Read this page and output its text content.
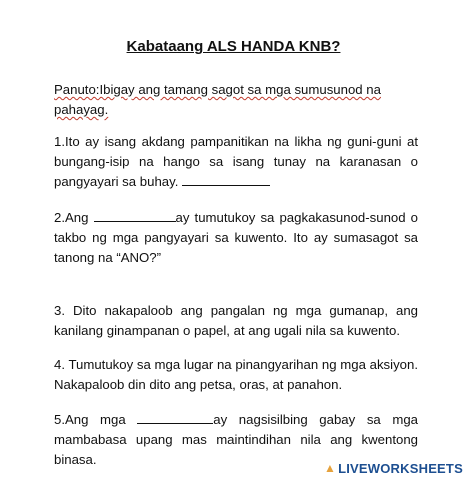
Kabataang ALS HANDA KNB?

Panuto:Ibigay ang tamang sagot sa mga sumusunod na pahayag.

1.Ito ay isang akdang pampanitikan na likha ng guni-guni at bungang-isip na hango sa isang tunay na karanasan o pangyayari sa buhay.

2.Ang	ay tumutukoy sa pagkakasunod-sunod o takbo ng mga pangyayari sa kuwento. Ito ay sumasagot sa tanong na “ANO?”

3. Dito nakapaloob ang pangalan ng mga gumanap, ang kanilang ginampanan o papel, at ang ugali nila sa kuwento.

4. Tumutukoy sa mga lugar na pinangyarihan ng mga aksiyon. Nakapaloob din dito ang petsa, oras, at panahon.

5.Ang mga	ay nagsisilbing gabay sa mga mambabasa upang mas maintindihan nila ang kwentong binasa.

▲ LIVEWORKSHEETS
